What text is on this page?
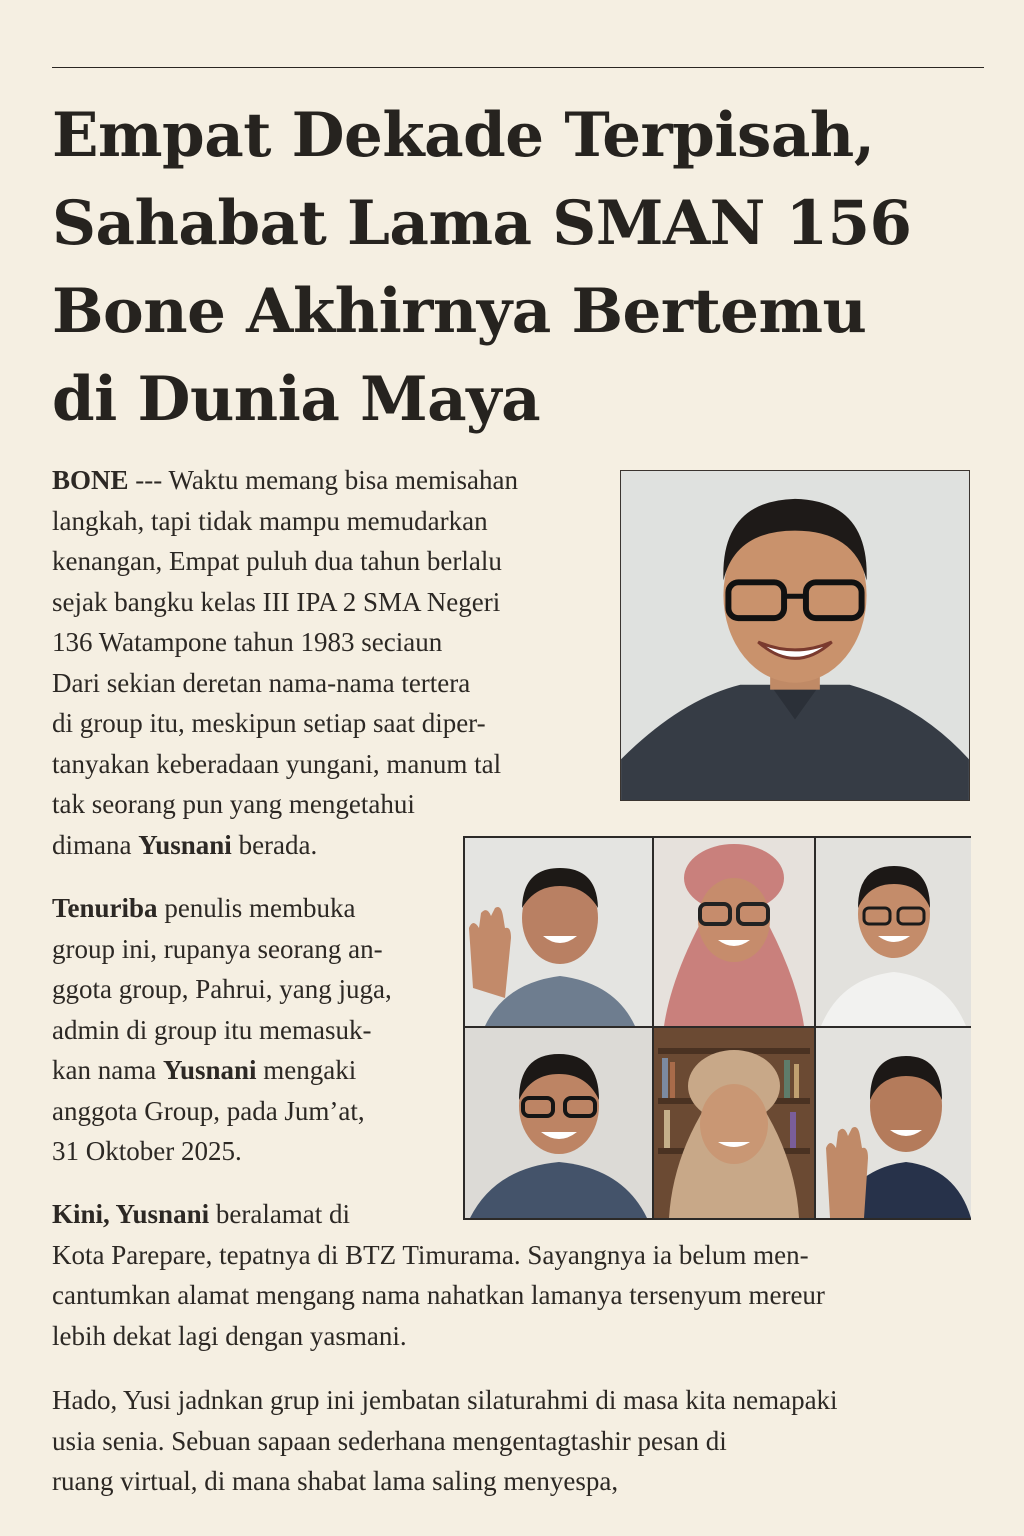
Empat Dekade Terpisah,
Sahabat Lama SMAN 156
Bone Akhirnya Bertemu
di Dunia Maya

BONE --- Waktu memang bisa memisahan
langkah, tapi tidak mampu memudarkan
kenangan, Empat puluh dua tahun berlalu
sejak bangku kelas III IPA 2 SMA Negeri
136 Watampone tahun 1983 seciaun
Dari sekian deretan nama-nama tertera
di group itu, meskipun setiap saat diper-
tanyakan keberadaan yungani, manum tal
tak seorang pun yang mengetahui
dimana Yusnani berada.

Tenuriba penulis membuka
group ini, rupanya seorang an-
ggota group, Pahrui, yang juga,
admin di group itu memasuk-
kan nama Yusnani mengaki
anggota Group, pada Jum’at,
31 Oktober 2025.

Kini, Yusnani beralamat di
Kota Parepare, tepatnya di BTZ Timurama. Sayangnya ia belum men-
cantumkan alamat mengang nama nahatkan lamanya tersenyum mereur
lebih dekat lagi dengan yasmani.

Hado, Yusi jadnkan grup ini jembatan silaturahmi di masa kita nemapaki
usia senia. Sebuan sapaan sederhana mengentagtashir pesan di
ruang virtual, di mana shabat lama saling menyespa,
